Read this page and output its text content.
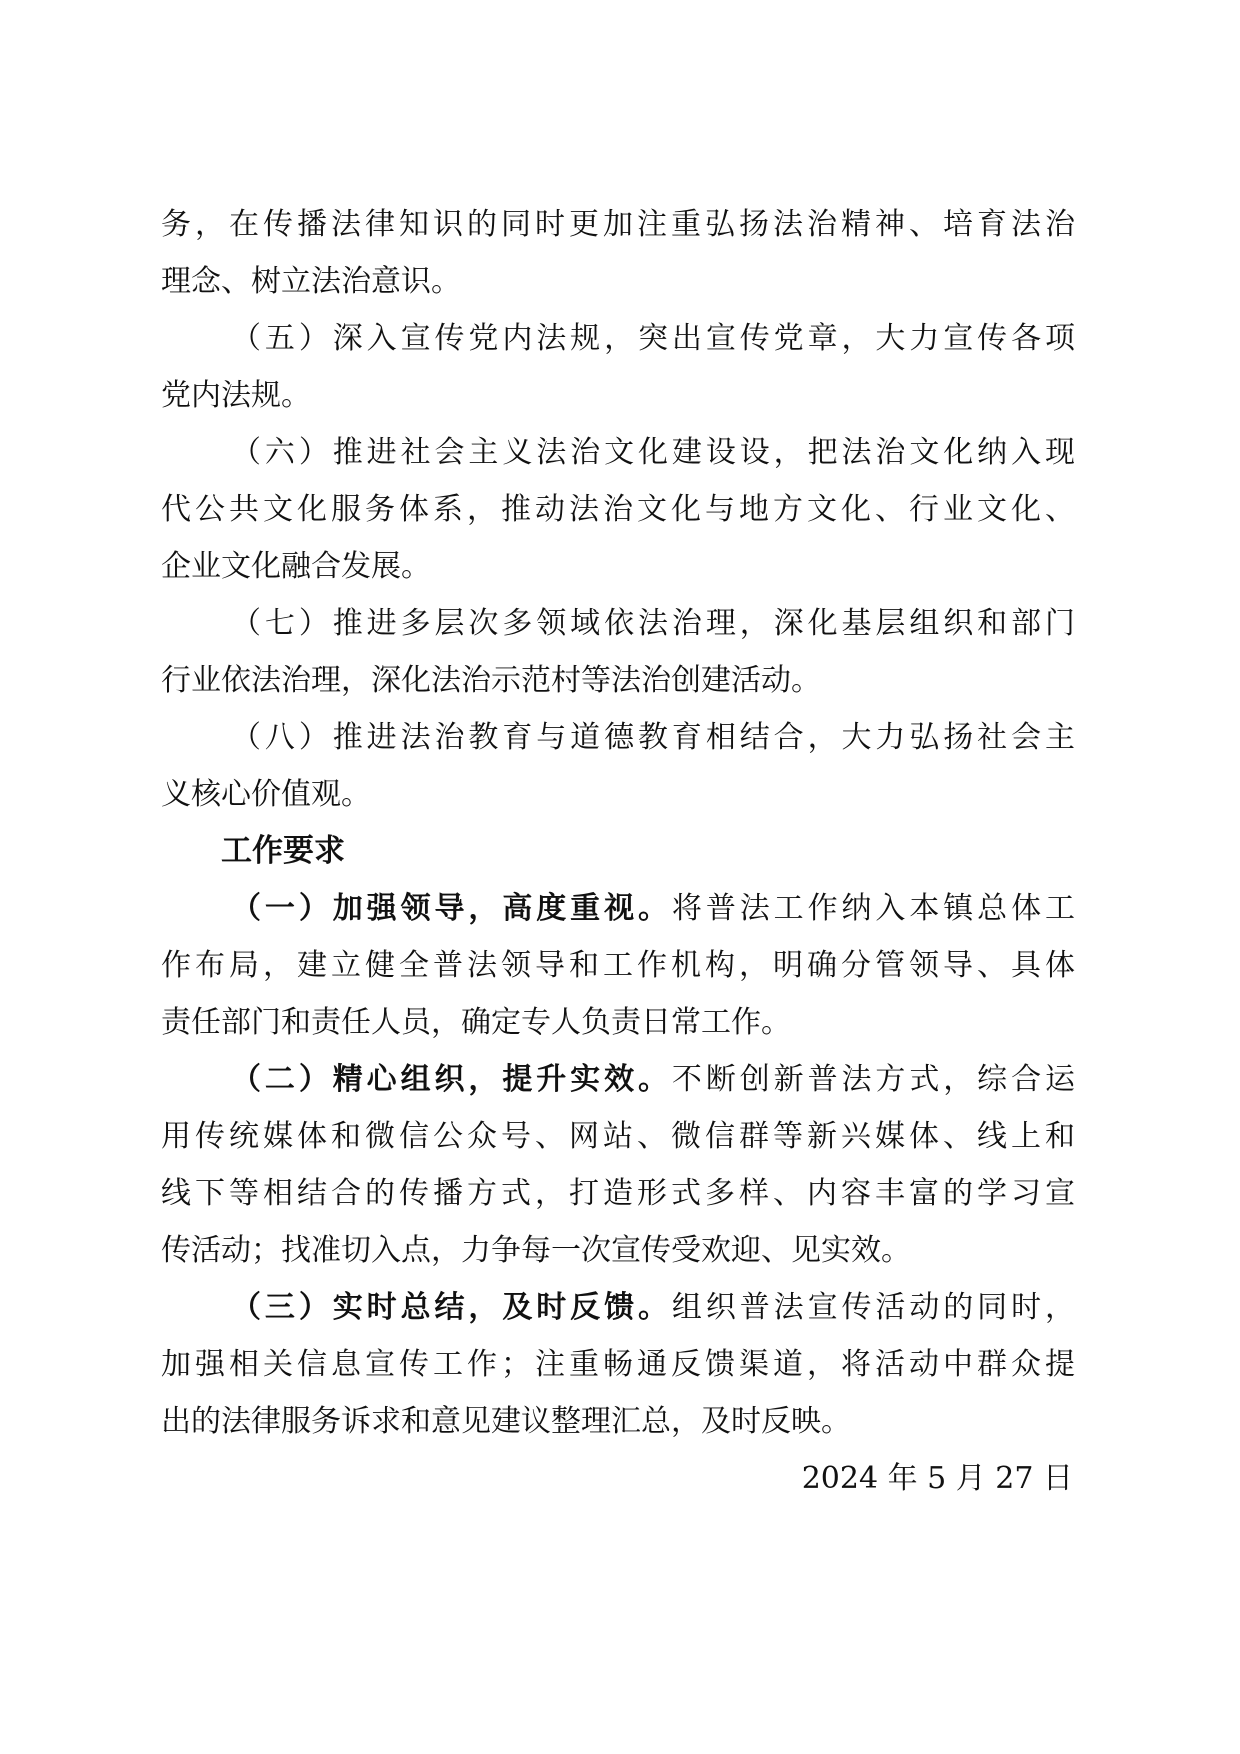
务，在传播法律知识的同时更加注重弘扬法治精神、培育法治
理念、树立法治意识。
（五）深入宣传党内法规，突出宣传党章，大力宣传各项
党内法规。
（六）推进社会主义法治文化建设设，把法治文化纳入现
代公共文化服务体系，推动法治文化与地方文化、行业文化、
企业文化融合发展。
（七）推进多层次多领域依法治理，深化基层组织和部门
行业依法治理，深化法治示范村等法治创建活动。
（八）推进法治教育与道德教育相结合，大力弘扬社会主
义核心价值观。
工作要求
（一）加强领导，高度重视。将普法工作纳入本镇总体工
作布局，建立健全普法领导和工作机构，明确分管领导、具体
责任部门和责任人员，确定专人负责日常工作。
（二）精心组织，提升实效。不断创新普法方式，综合运
用传统媒体和微信公众号、网站、微信群等新兴媒体、线上和
线下等相结合的传播方式，打造形式多样、内容丰富的学习宣
传活动；找准切入点，力争每一次宣传受欢迎、见实效。
（三）实时总结，及时反馈。组织普法宣传活动的同时，
加强相关信息宣传工作；注重畅通反馈渠道，将活动中群众提
出的法律服务诉求和意见建议整理汇总，及时反映。
2024 年 5 月 27 日
